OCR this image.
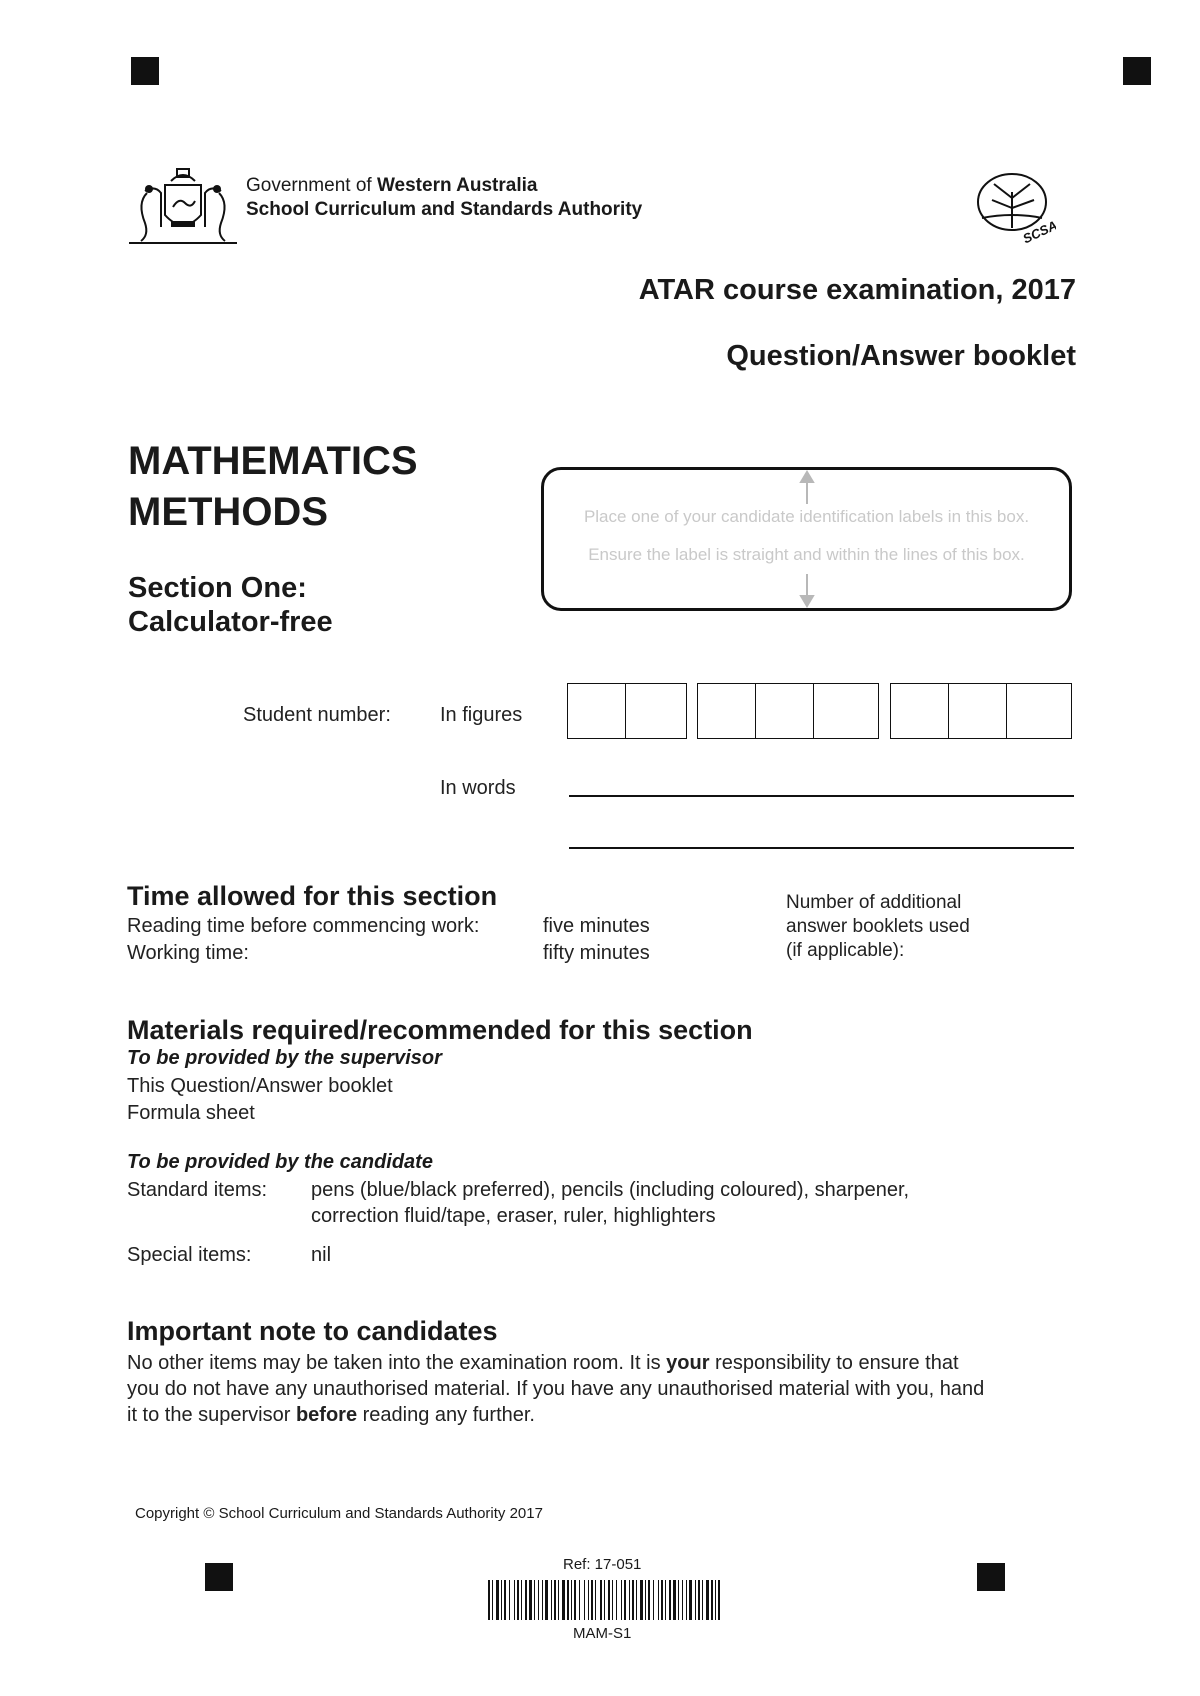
Government of Western Australia
School Curriculum and Standards Authority
SCSA
ATAR course examination, 2017
Question/Answer booklet
MATHEMATICS
METHODS
Section One:
Calculator-free
Place one of your candidate identification labels in this box.
Ensure the label is straight and within the lines of this box.
Student number: In figures
In words
Time allowed for this section
Reading time before commencing work:	five minutes
Working time:	fifty minutes
Number of additional
answer booklets used
(if applicable):
Materials required/recommended for this section
To be provided by the supervisor
This Question/Answer booklet
Formula sheet
To be provided by the candidate
Standard items: pens (blue/black preferred), pencils (including coloured), sharpener,
correction fluid/tape, eraser, ruler, highlighters
Special items:	nil
Important note to candidates
No other items may be taken into the examination room. It is your responsibility to ensure that
you do not have any unauthorised material. If you have any unauthorised material with you, hand
it to the supervisor before reading any further.
Copyright © School Curriculum and Standards Authority 2017
Ref: 17-051
MAM-S1
